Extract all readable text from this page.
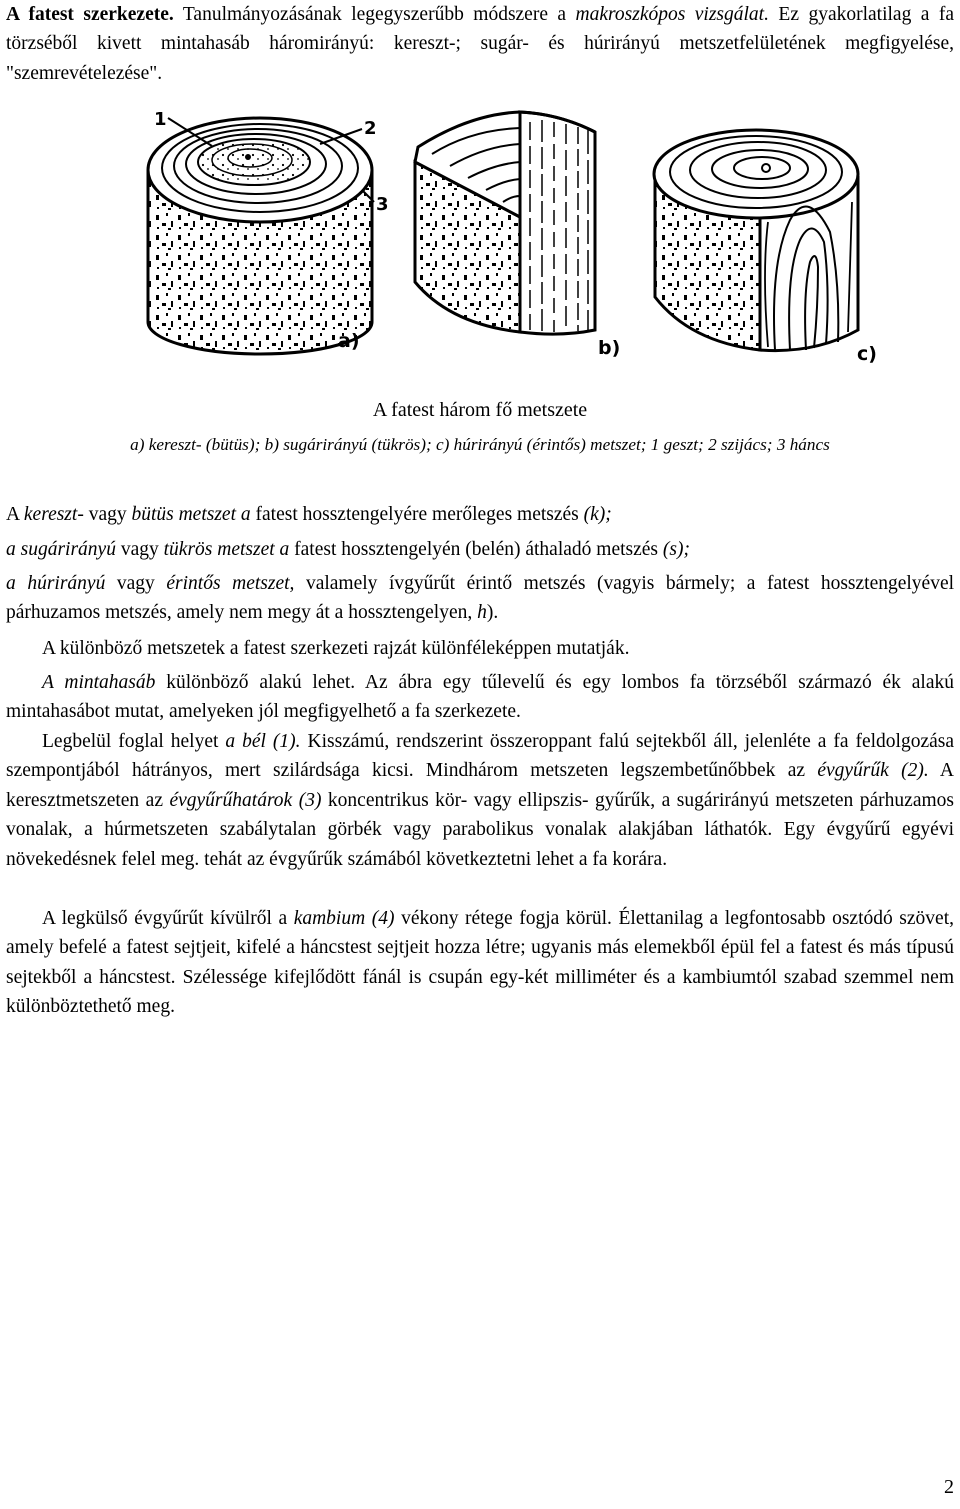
A fatest szerkezete. Tanulmányozásának legegyszerűbb módszere a makroszkópos vizsgálat. Ez gyakorlatilag a fa törzséből kivett mintahasáb háromirányú: kereszt-; sugár- és húrirányú metszetfelületének megfigyelése, "szemrevételezése".

1	2
3
a)	b)	c)
A fatest három fő metszete
a) kereszt- (bütüs); b) sugárirányú (tükrös); c) húrirányú (érintős) metszet; 1 geszt; 2 szijács; 3 háncs

A kereszt- vagy bütüs metszet a fatest hossztengelyére merőleges metszés (k);

a sugárirányú vagy tükrös metszet a fatest hossztengelyén (belén) áthaladó metszés (s);

a húrirányú vagy érintős metszet, valamely ívgyűrűt érintő metszés (vagyis bármely; a fatest hossztengelyével párhuzamos metszés, amely nem megy át a hossztengelyen, h).

A különböző metszetek a fatest szerkezeti rajzát különféleképpen mutatják.

A mintahasáb különböző alakú lehet. Az ábra egy tűlevelű és egy lombos fa törzséből származó ék alakú mintahasábot mutat, amelyeken jól megfigyelhető a fa szerkezete.

Legbelül foglal helyet a bél (1). Kisszámú, rendszerint összeroppant falú sejtekből áll, jelenléte a fa feldolgozása szempontjából hátrányos, mert szilárdsága kicsi. Mindhárom metszeten legszembetűnőbbek az évgyűrűk (2). A keresztmetszeten az évgyűrűhatárok (3) koncentrikus kör- vagy ellipszis- gyűrűk, a sugárirányú metszeten párhuzamos vonalak, a húrmetszeten szabálytalan görbék vagy parabolikus vonalak alakjában láthatók. Egy évgyűrű egyévi növekedésnek felel meg. tehát az évgyűrűk számából következtetni lehet a fa korára.

A legkülső évgyűrűt kívülről a kambium (4) vékony rétege fogja körül. Élettanilag a legfontosabb osztódó szövet, amely befelé a fatest sejtjeit, kifelé a háncstest sejtjeit hozza létre; ugyanis más elemekből épül fel a fatest és más típusú sejtekből a háncstest. Szélessége kifejlődött fánál is csupán egy-két milliméter és a kambiumtól szabad szemmel nem különböztethető meg.

2
